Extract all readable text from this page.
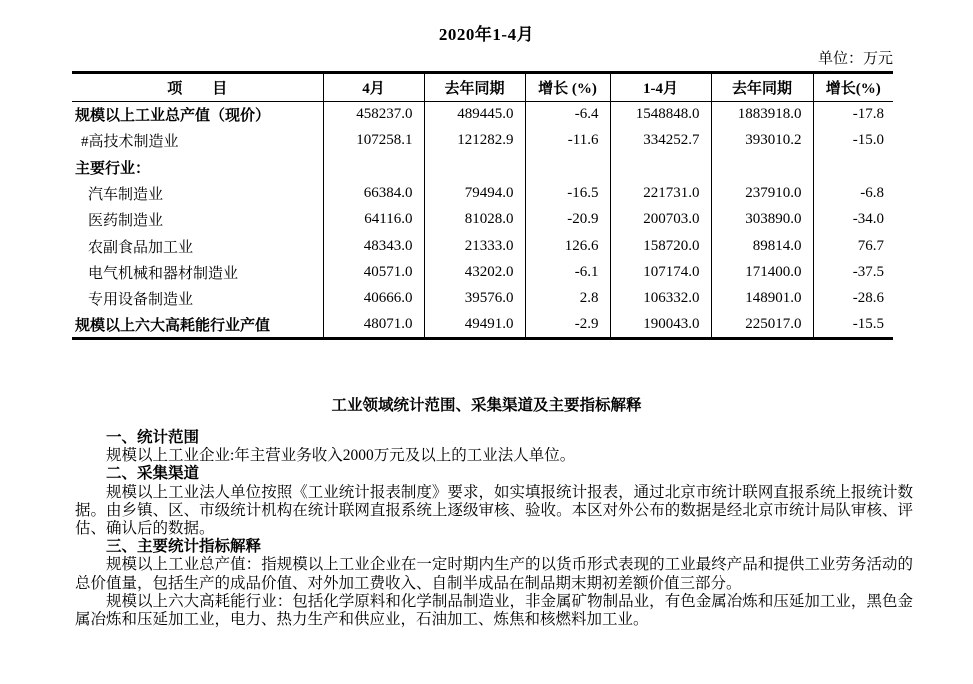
2020年1-4月
单位：万元
项　　目	4月	去年同期	增长 (%)	1-4月	去年同期	增长(%)
规模以上工业总产值（现价）	458237.0	489445.0	-6.4	1548848.0	1883918.0	-17.8
#高技术制造业	107258.1	121282.9	-11.6	334252.7	393010.2	-15.0
主要行业：						
汽车制造业	66384.0	79494.0	-16.5	221731.0	237910.0	-6.8
医药制造业	64116.0	81028.0	-20.9	200703.0	303890.0	-34.0
农副食品加工业	48343.0	21333.0	126.6	158720.0	89814.0	76.7
电气机械和器材制造业	40571.0	43202.0	-6.1	107174.0	171400.0	-37.5
专用设备制造业	40666.0	39576.0	2.8	106332.0	148901.0	-28.6
规模以上六大高耗能行业产值	48071.0	49491.0	-2.9	190043.0	225017.0	-15.5
工业领域统计范围、采集渠道及主要指标解释

一、统计范围

规模以上工业企业:年主营业务收入2000万元及以上的工业法人单位。

二、采集渠道

规模以上工业法人单位按照《工业统计报表制度》要求，如实填报统计报表，通过北京市统计联网直报系统上报统计数据。由乡镇、区、市级统计机构在统计联网直报系统上逐级审核、验收。本区对外公布的数据是经北京市统计局队审核、评估、确认后的数据。

三、主要统计指标解释

规模以上工业总产值：指规模以上工业企业在一定时期内生产的以货币形式表现的工业最终产品和提供工业劳务活动的总价值量，包括生产的成品价值、对外加工费收入、自制半成品在制品期末期初差额价值三部分。

规模以上六大高耗能行业：包括化学原料和化学制品制造业，非金属矿物制品业，有色金属冶炼和压延加工业，黑色金属冶炼和压延加工业，电力、热力生产和供应业，石油加工、炼焦和核燃料加工业。
